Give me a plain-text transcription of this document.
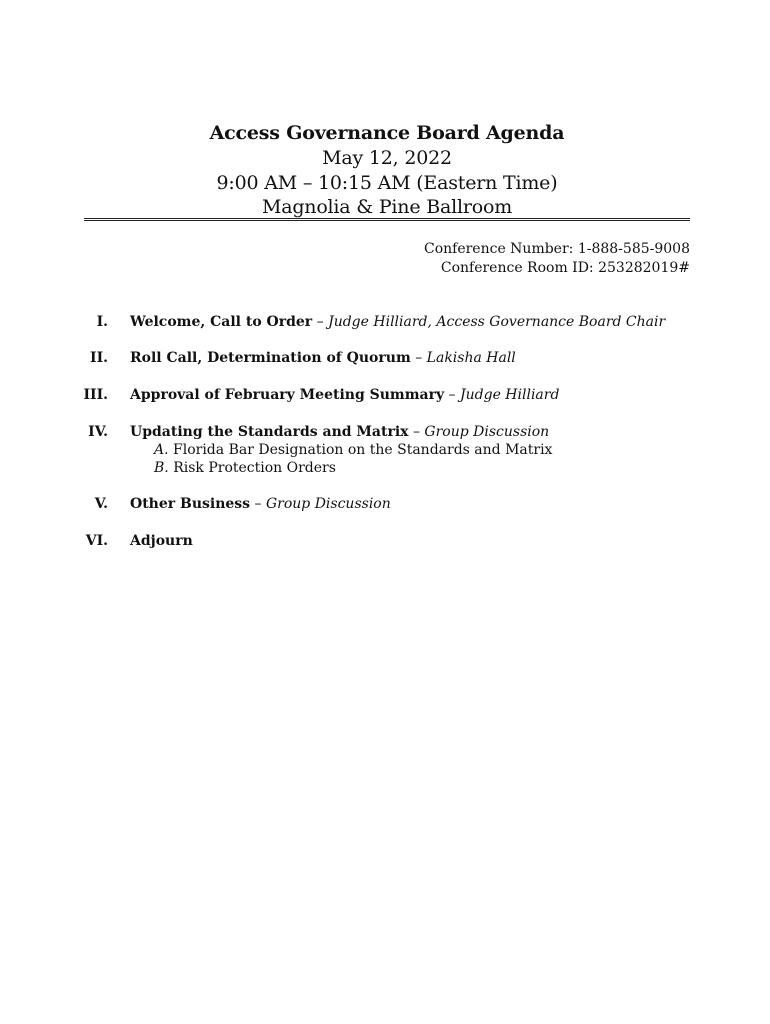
Access Governance Board Agenda
May 12, 2022
9:00 AM – 10:15 AM (Eastern Time)
Magnolia & Pine Ballroom
Conference Number: 1-888-585-9008
Conference Room ID: 253282019#
I. Welcome, Call to Order – Judge Hilliard, Access Governance Board Chair
II. Roll Call, Determination of Quorum – Lakisha Hall
III. Approval of February Meeting Summary – Judge Hilliard
IV. Updating the Standards and Matrix – Group Discussion
A. Florida Bar Designation on the Standards and Matrix
B. Risk Protection Orders
V. Other Business – Group Discussion
VI. Adjourn
